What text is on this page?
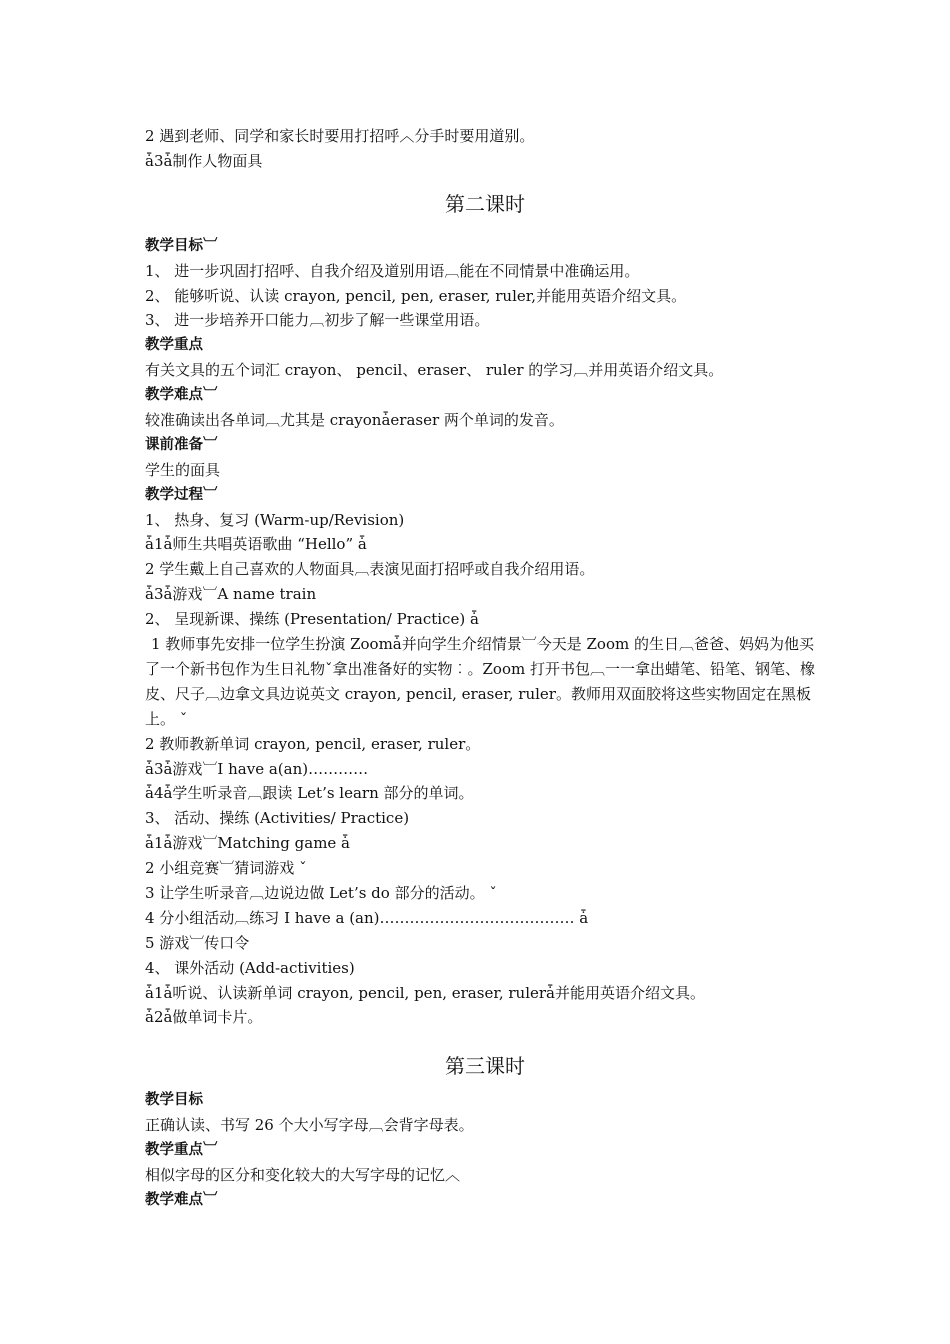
2 遇到老师、同学和家长时要用打招呼︿分手时要用道别。
ǡ3ǡ制作人物面具
第二课时
教学目标︺
1、 进一步巩固打招呼、自我介绍及道别用语︹能在不同情景中准确运用。
2、 能够听说、认读 crayon, pencil, pen, eraser, ruler,并能用英语介绍文具。
3、 进一步培养开口能力︹初步了解一些课堂用语。
教学重点
有关文具的五个词汇 crayon、 pencil、eraser、 ruler 的学习︹并用英语介绍文具。
教学难点︺
较准确读出各单词︹尤其是 crayonǡeraser 两个单词的发音。
课前准备︺
学生的面具
教学过程︺
1、 热身、复习 (Warm-up/Revision)
ǡ1ǡ师生共唱英语歌曲 “Hello” ǡ
2 学生戴上自己喜欢的人物面具︹表演见面打招呼或自我介绍用语。
ǡ3ǡ游戏︺A name train
2、 呈现新课、操练 (Presentation/ Practice) ǡ
1 教师事先安排一位学生扮演 Zoomǡ并向学生介绍情景︺今天是 Zoom 的生日︹爸爸、妈妈为他买了一个新书包作为生日礼物ˇ拿出准备好的实物︰。Zoom 打开书包︹一一拿出蜡笔、铅笔、钢笔、橡皮、尺子︹边拿文具边说英文 crayon, pencil, eraser, ruler。教师用双面胶将这些实物固定在黑板上。 ˇ
2 教师教新单词 crayon, pencil, eraser, ruler。
ǡ3ǡ游戏︺I have a(an)…………
ǡ4ǡ学生听录音︹跟读 Let’s learn 部分的单词。
3、 活动、操练 (Activities/ Practice)
ǡ1ǡ游戏︺Matching game ǡ
2 小组竞赛︺猜词游戏 ˇ
3 让学生听录音︹边说边做 Let’s do 部分的活动。 ˇ
4 分小组活动︹练习 I have a (an)………………………………… ǡ
5 游戏︺传口令
4、 课外活动 (Add-activities)
ǡ1ǡ听说、认读新单词 crayon, pencil, pen, eraser, rulerǡ并能用英语介绍文具。
ǡ2ǡ做单词卡片。
第三课时
教学目标
正确认读、书写 26 个大小写字母︹会背字母表。
教学重点︺
相似字母的区分和变化较大的大写字母的记忆︿
教学难点︺
